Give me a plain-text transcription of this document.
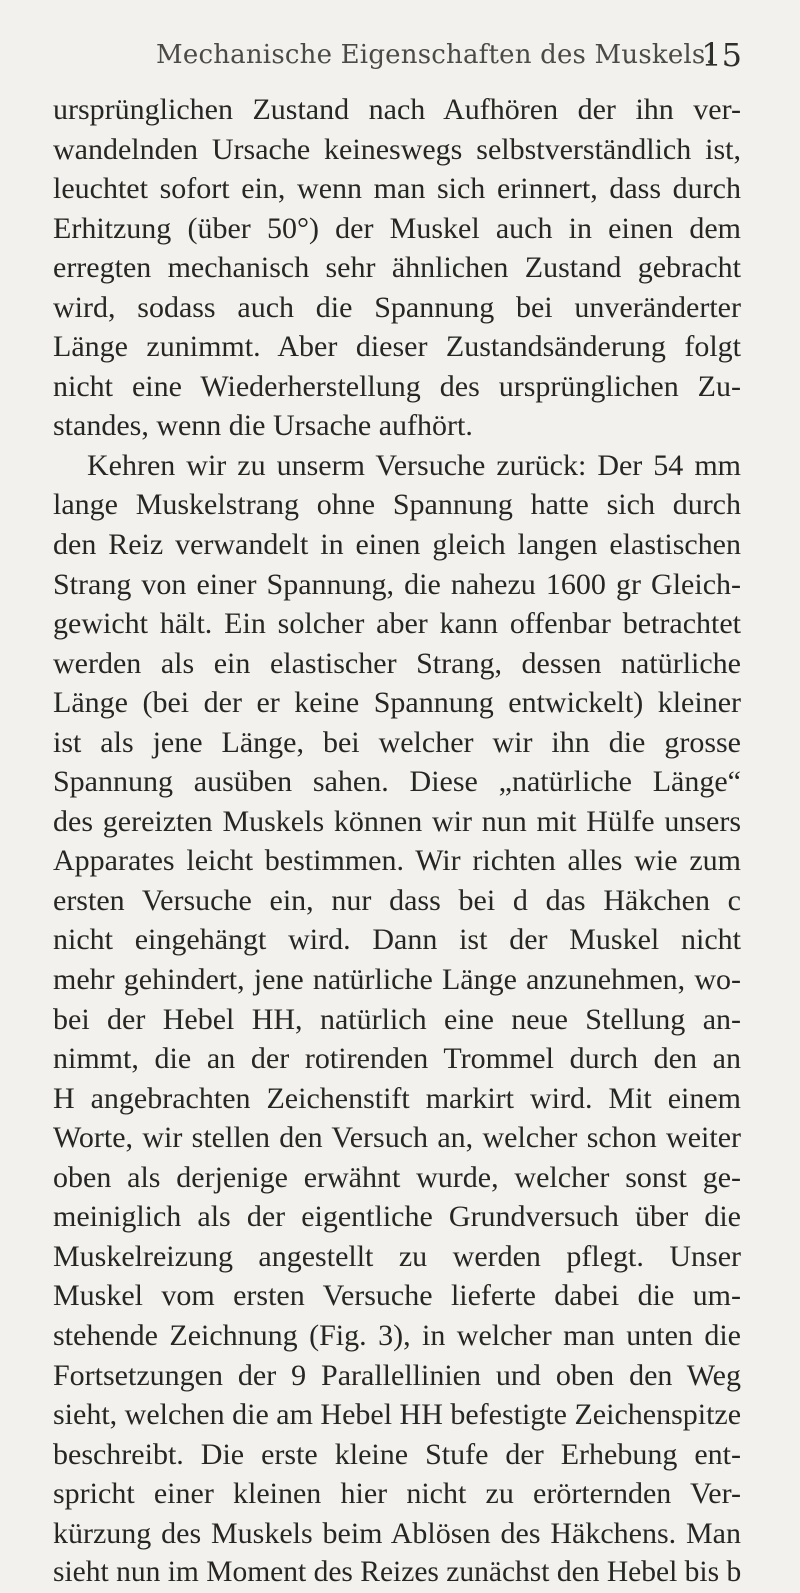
Mechanische Eigenschaften des Muskels.
15
ursprünglichen Zustand nach Aufhören der ihn ver-
wandelnden Ursache keineswegs selbstverständlich ist,
leuchtet sofort ein, wenn man sich erinnert, dass durch
Erhitzung (über 50°) der Muskel auch in einen dem
erregten mechanisch sehr ähnlichen Zustand gebracht
wird, sodass auch die Spannung bei unveränderter
Länge zunimmt. Aber dieser Zustandsänderung folgt
nicht eine Wiederherstellung des ursprünglichen Zu-
standes, wenn die Ursache aufhört.
Kehren wir zu unserm Versuche zurück: Der 54 mm
lange Muskelstrang ohne Spannung hatte sich durch
den Reiz verwandelt in einen gleich langen elastischen
Strang von einer Spannung, die nahezu 1600 gr Gleich-
gewicht hält. Ein solcher aber kann offenbar betrachtet
werden als ein elastischer Strang, dessen natürliche
Länge (bei der er keine Spannung entwickelt) kleiner
ist als jene Länge, bei welcher wir ihn die grosse
Spannung ausüben sahen. Diese „natürliche Länge“
des gereizten Muskels können wir nun mit Hülfe unsers
Apparates leicht bestimmen. Wir richten alles wie zum
ersten Versuche ein, nur dass bei d das Häkchen c
nicht eingehängt wird. Dann ist der Muskel nicht
mehr gehindert, jene natürliche Länge anzunehmen, wo-
bei der Hebel HH, natürlich eine neue Stellung an-
nimmt, die an der rotirenden Trommel durch den an
H angebrachten Zeichenstift markirt wird. Mit einem
Worte, wir stellen den Versuch an, welcher schon weiter
oben als derjenige erwähnt wurde, welcher sonst ge-
meiniglich als der eigentliche Grundversuch über die
Muskelreizung angestellt zu werden pflegt. Unser
Muskel vom ersten Versuche lieferte dabei die um-
stehende Zeichnung (Fig. 3), in welcher man unten die
Fortsetzungen der 9 Parallellinien und oben den Weg
sieht, welchen die am Hebel HH befestigte Zeichenspitze
beschreibt. Die erste kleine Stufe der Erhebung ent-
spricht einer kleinen hier nicht zu erörternden Ver-
kürzung des Muskels beim Ablösen des Häkchens. Man
sieht nun im Moment des Reizes zunächst den Hebel bis b
